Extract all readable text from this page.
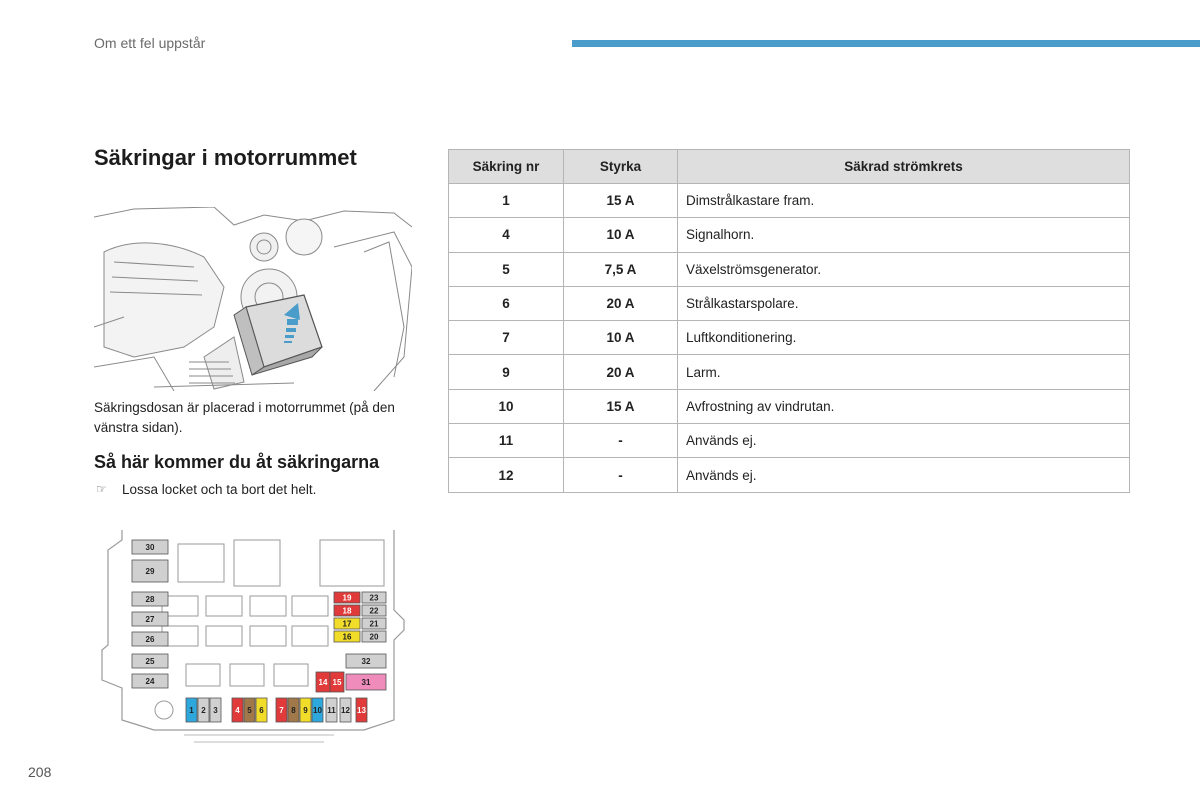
Om ett fel uppstår
Säkringar i motorrummet

Säkringsdosan är placerad i motorrummet (på den vänstra sidan).

Så här kommer du åt säkringarna
☞ Lossa locket och ta bort det helt.
30
29
28
27
26
25
24
19 23
18 22
17 21
16 20
32
14 15	31
1 2 3 4 5 6 7 8 9 10 11 12 13
Säkring nr	Styrka	Säkrad strömkrets
1	15 A	Dimstrålkastare fram.
4	10 A	Signalhorn.
5	7,5 A	Växelströmsgenerator.
6	20 A	Strålkastarspolare.
7	10 A	Luftkonditionering.
9	20 A	Larm.
10	15 A	Avfrostning av vindrutan.
11	-	Används ej.
12	-	Används ej.
208
